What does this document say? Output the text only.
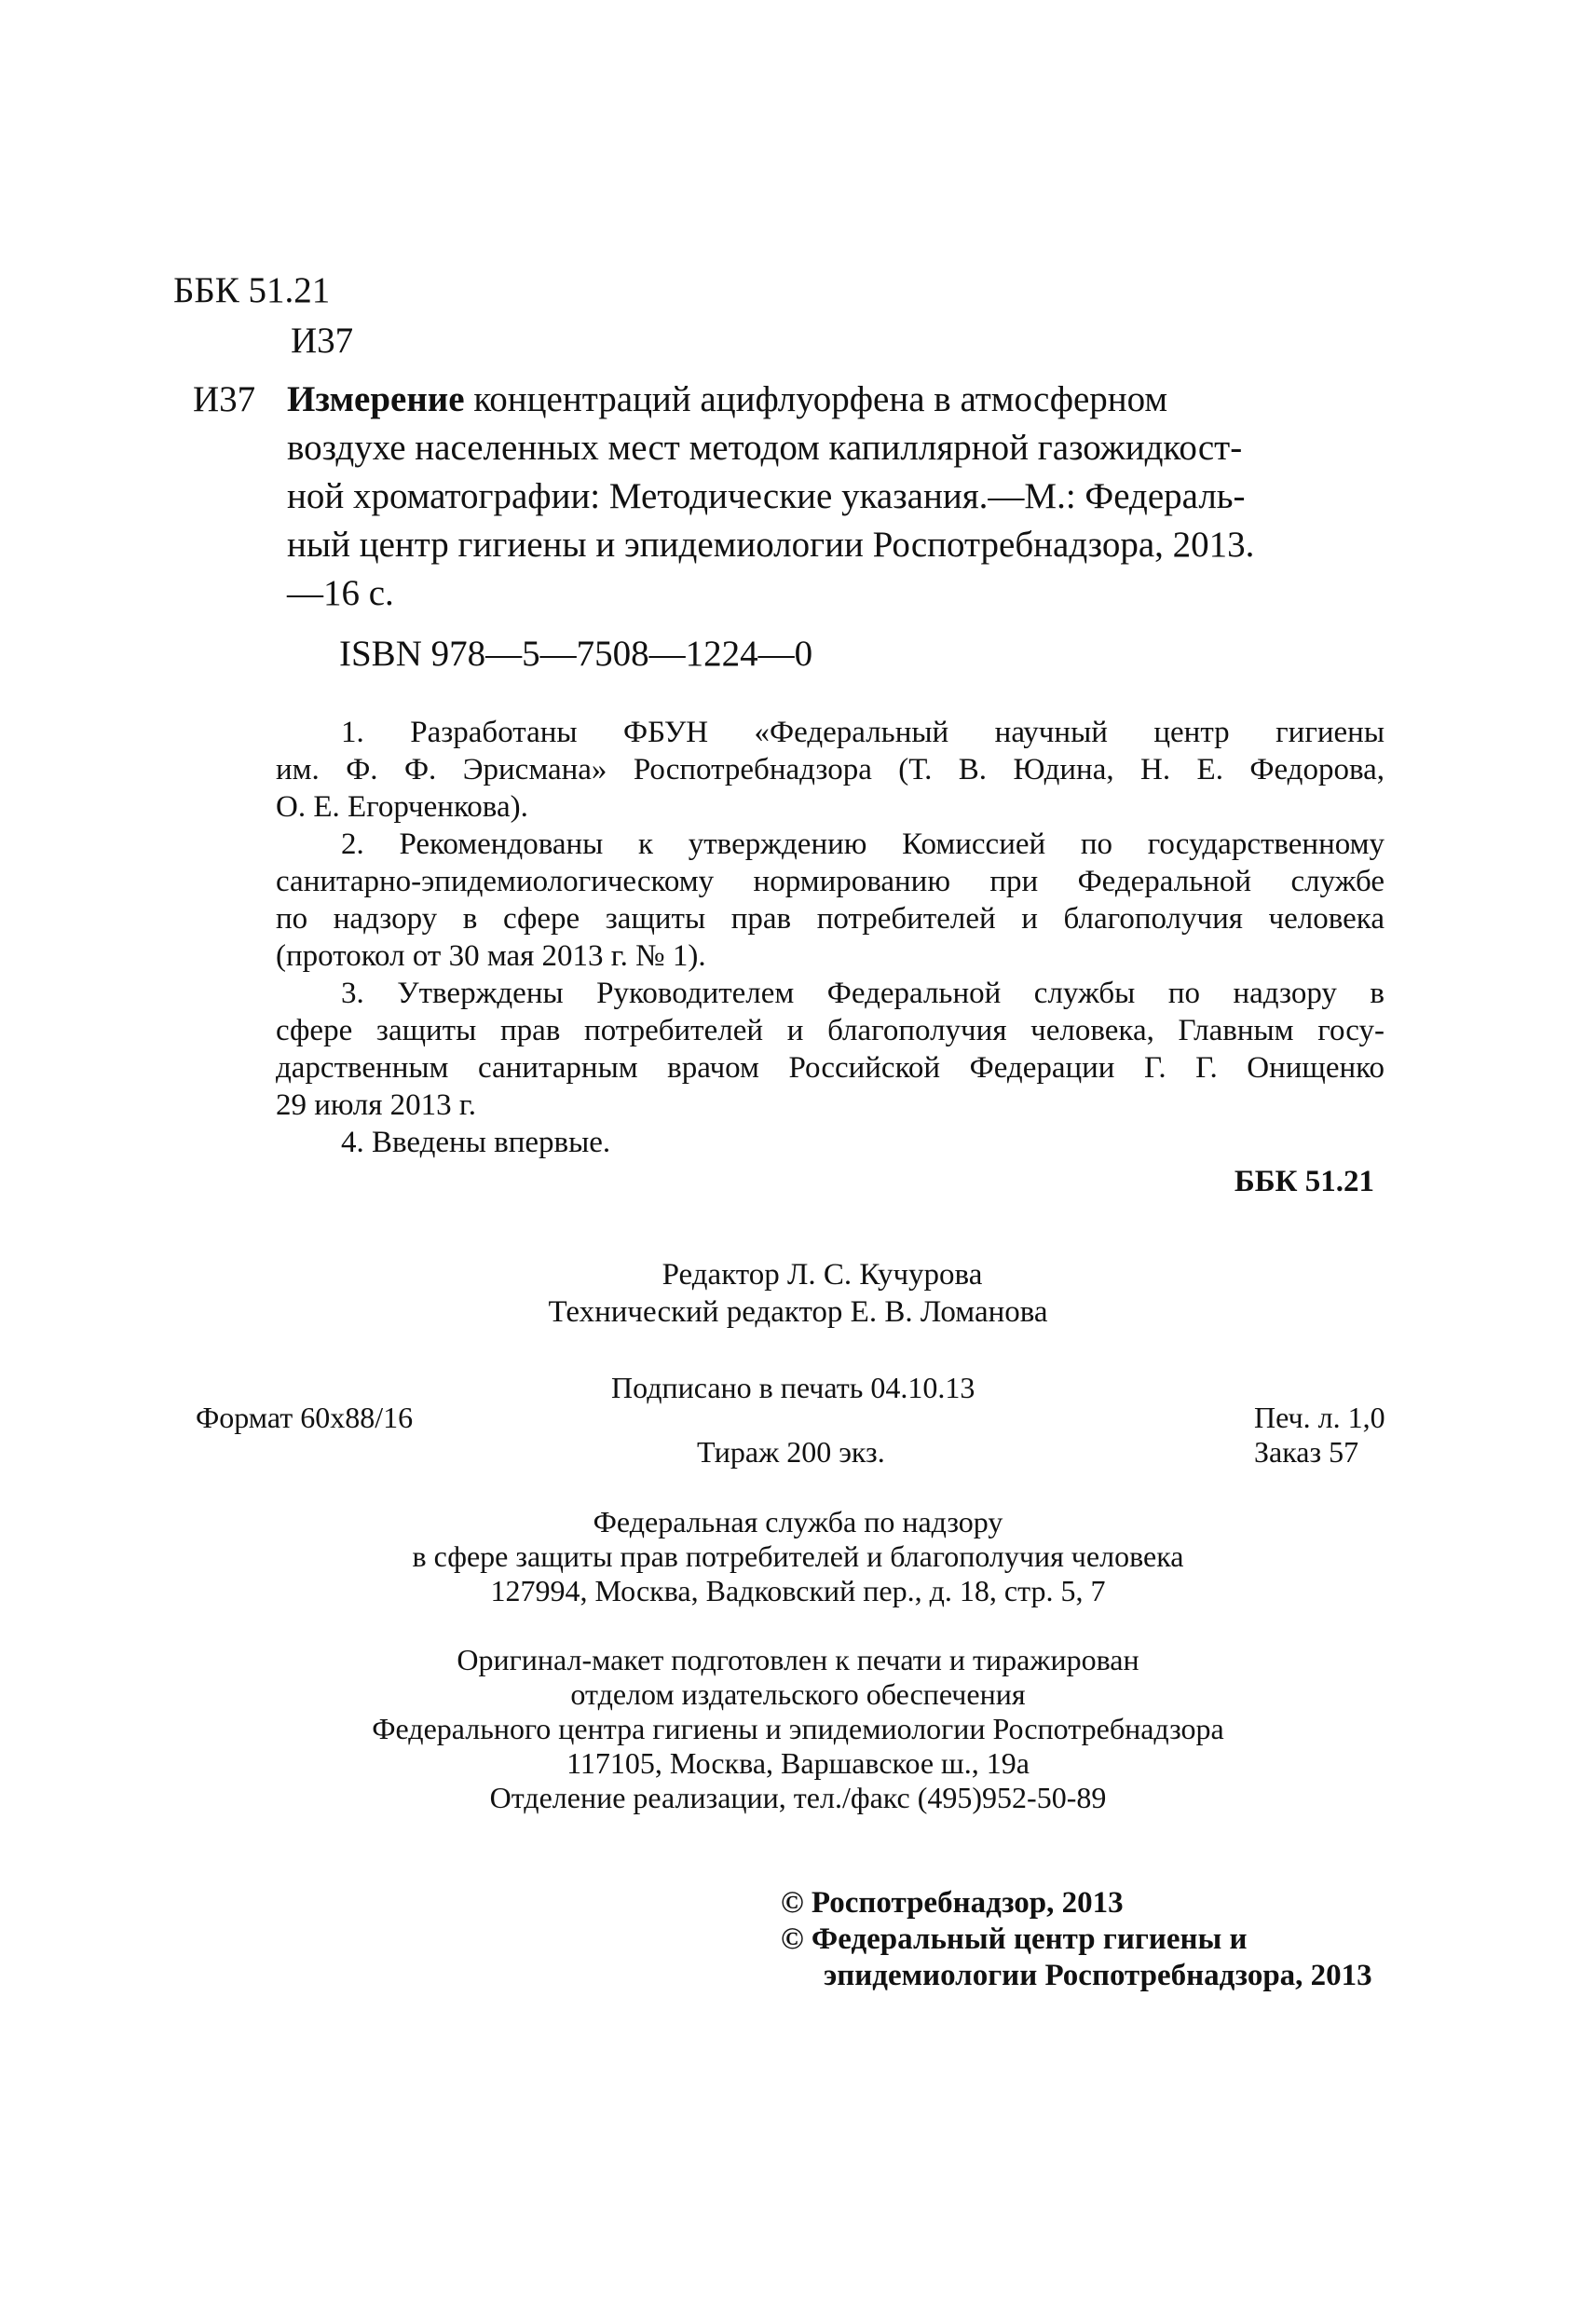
ББК 51.21
И37
И37 Измерение концентраций ацифлуорфена в атмосферном
воздухе населенных мест методом капиллярной газожидкост-
ной хроматографии: Методические указания.—М.: Федераль-
ный центр гигиены и эпидемиологии Роспотребнадзора, 2013.
—16 с.
ISBN 978—5—7508—1224—0
1. Разработаны ФБУН «Федеральный научный центр гигиены
им. Ф. Ф. Эрисмана» Роспотребнадзора (Т. В. Юдина, Н. Е. Федорова,
О. Е. Егорченкова).
2. Рекомендованы к утверждению Комиссией по государственному
санитарно-эпидемиологическому нормированию при Федеральной службе
по надзору в сфере защиты прав потребителей и благополучия человека
(протокол от 30 мая 2013 г. № 1).
3. Утверждены Руководителем Федеральной службы по надзору в
сфере защиты прав потребителей и благополучия человека, Главным госу-
дарственным санитарным врачом Российской Федерации Г. Г. Онищенко
29 июля 2013 г.
4. Введены впервые.
ББК 51.21
Редактор Л. С. Кучурова
Технический редактор Е. В. Ломанова
Подписано в печать 04.10.13
Формат 60x88/16	Печ. л. 1,0
Тираж 200 экз.	Заказ 57
Федеральная служба по надзору
в сфере защиты прав потребителей и благополучия человека
127994, Москва, Вадковский пер., д. 18, стр. 5, 7
Оригинал-макет подготовлен к печати и тиражирован
отделом издательского обеспечения
Федерального центра гигиены и эпидемиологии Роспотребнадзора
117105, Москва, Варшавское ш., 19а
Отделение реализации, тел./факс (495)952-50-89
© Роспотребнадзор, 2013
© Федеральный центр гигиены и
эпидемиологии Роспотребнадзора, 2013
